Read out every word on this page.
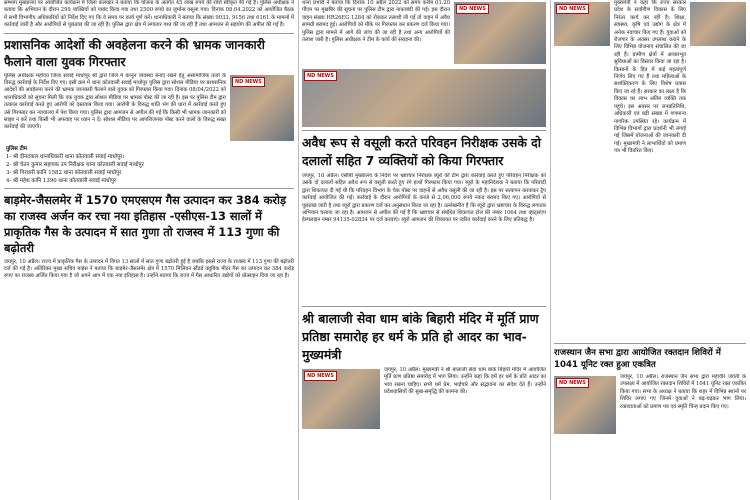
सम्भाग मुख्यालय पर आयोजित कार्यक्रम में जिला कलक्टर ने बताया कि योजना के अंतर्गत 45 लाख रुपये की राशि स्वीकृत की गई है। पुलिस अधीक्षक ने बताया कि अभियान के दौरान 299 व्यक्तियों को पाबंद किया गया तथा 2500 रुपये का जुर्माना वसूला गया। दिनांक 08.04.2022 को आयोजित बैठक में सभी विभागीय अधिकारियों को निर्देश दिए गए कि वे समय पर कार्य पूर्ण करें। थानाधिकारी ने बताया कि संख्या 9033, 9156 तथा 6161 के मामलों में कार्रवाई जारी है और आरोपियों से पूछताछ की जा रही है। पुलिस द्वारा क्षेत्र में लगातार गश्त की जा रही है तथा आमजन से सहयोग की अपील की गई है।

प्रशासनिक आदेशों की अवहेलना करने की भ्रामक जानकारी फैलाने वाला युवक गिरफ्तार
ND NEWS

पुलिस अधीक्षक महोदय जिला सवाई माधोपुर श्री द्वारा जिले में कानून व्यवस्था बनाए रखने हेतु असामाजिक तत्वों के विरुद्ध कार्रवाई के निर्देश दिए गए। इसी क्रम में थाना कोतवाली सवाई माधोपुर पुलिस द्वारा सोशल मीडिया पर प्रशासनिक आदेशों की अवहेलना करने की भ्रामक जानकारी फैलाने वाले युवक को गिरफ्तार किया गया। दिनांक 08/04/2022 को थानाधिकारी को सूचना मिली कि एक युवक द्वारा सोशल मीडिया पर भ्रामक पोस्ट की जा रही है। इस पर पुलिस टीम द्वारा तत्काल कार्रवाई करते हुए आरोपी को दस्तयाब किया गया। आरोपी के विरुद्ध शांति भंग की धारा में कार्रवाई करते हुए उसे गिरफ्तार कर न्यायालय में पेश किया गया। पुलिस द्वारा आमजन से अपील की गई कि किसी भी भ्रामक जानकारी को साझा न करें तथा किसी भी अफवाह पर ध्यान न दें। सोशल मीडिया पर आपत्तिजनक पोस्ट करने वालों के विरुद्ध सख्त कार्रवाई की जाएगी।

पुलिस टीम
1- श्री दीनदयाल थानाधिकारी थाना कोतवाली सवाई माधोपुर।
2- श्री चेतन कुमार सहायक उप निरीक्षक थाना कोतवाली सवाई माधोपुर
3- श्री गिरधारी कानि 1582 थाना कोतवाली सवाई माधोपुर
4- श्री महेश कानि 1390 थाना कोतवाली सवाई माधोपुर
बाड़मेर-जैसलमेर में 1570 एमएसएम गैस उत्पादन कर 384 करोड़ का राजस्व अर्जन कर रचा नया इतिहास -एसीएस-13 सालों में प्राकृतिक गैस के उत्पादन में सात गुणा तो राजस्व में 113 गुणा की बढ़ोतरी

जयपुर, 10 अप्रैल। राज्य में प्राकृतिक गैस के उत्पादन में विगत 13 सालों में सात गुणा बढ़ोतरी हुई है जबकि इससे राज्य के राजस्व में 113 गुणा की बढ़ोतरी दर्ज की गई है। अतिरिक्त मुख्य सचिव माइंस ने बताया कि बाड़मेर-जैसलमेर क्षेत्र में 1570 मिलियन स्टैंडर्ड क्यूबिक मीटर गैस का उत्पादन कर 384 करोड़ रुपए का राजस्व अर्जित किया गया है जो अपने आप में एक नया इतिहास है। उन्होंने बताया कि राज्य में गैस आधारित उद्योगों को प्रोत्साहन दिया जा रहा है।

ND NEWS

थाना प्रभारी ने बताया कि दिनांक 10 अप्रैल 2022 को समय करीब 01.20 पीएम पर मुखबिर की सूचना पर पुलिस टीम द्वारा नाकाबंदी की गई। इस दौरान वाहन संख्या HR26EG 1284 को रोककर तलाशी ली गई तो वाहन में अवैध सामग्री बरामद हुई। आरोपियों को मौके पर गिरफ्तार कर प्रकरण दर्ज किया गया। पुलिस द्वारा मामले में आगे की जांच की जा रही है तथा अन्य आरोपियों की तलाश जारी है। पुलिस अधीक्षक ने टीम के कार्य की सराहना की।

ND NEWS
अवैध रूप से वसूली करते परिवहन निरीक्षक उसके दो दलालों सहित 7 व्यक्तियों को किया गिरफ्तार

जयपुर, 10 अप्रैल। एसीबी मुख्यालय के निर्देश पर भ्रष्टाचार निरोधक ब्यूरो की टीम द्वारा कार्रवाई करते हुए परिवहन निरीक्षक को उसके दो दलालों सहित अवैध रूप से वसूली करते हुए रंगे हाथों गिरफ्तार किया गया। ब्यूरो के महानिदेशक ने बताया कि परिवादी द्वारा शिकायत दी गई थी कि परिवहन विभाग के चेक पोस्ट पर वाहनों से अवैध वसूली की जा रही है। इस पर सत्यापन करवाकर ट्रैप कार्रवाई आयोजित की गई। कार्रवाई के दौरान आरोपियों के कब्जे से 2,06,000 रुपये नकद बरामद किए गए। आरोपियों से पूछताछ जारी है तथा ब्यूरो द्वारा प्रकरण दर्ज कर अनुसंधान किया जा रहा है। उल्लेखनीय है कि ब्यूरो द्वारा भ्रष्टाचार के विरुद्ध लगातार अभियान चलाया जा रहा है। आमजन से अपील की गई है कि भ्रष्टाचार से संबंधित शिकायत टोल फ्री नम्बर 1064 तथा व्हाट्सएप हेल्पलाइन नम्बर 94135-02834 पर दर्ज करवाएं। ब्यूरो आमजन की शिकायत पर त्वरित कार्रवाई करने के लिए प्रतिबद्ध है।

श्री बालाजी सेवा धाम बांके बिहारी मंदिर में मूर्ति प्राण प्रतिष्ठा समारोह हर धर्म के प्रति हो आदर का भाव-मुख्यमंत्री
ND NEWS

जयपुर, 10 अप्रैल। मुख्यमंत्री ने श्री बालाजी सेवा धाम बांके बिहारी मंदिर में आयोजित मूर्ति प्राण प्रतिष्ठा समारोह में भाग लिया। उन्होंने कहा कि हमें हर धर्म के प्रति आदर का भाव रखना चाहिए। सभी धर्म प्रेम, भाईचारे और सद्भावना का संदेश देते हैं। उन्होंने प्रदेशवासियों की सुख-समृद्धि की कामना की।

ND NEWS

मुख्यमंत्री ने कहा कि राज्य सरकार प्रदेश के सर्वांगीण विकास के लिए निरंतर कार्य कर रही है। शिक्षा, स्वास्थ्य, कृषि एवं उद्योग के क्षेत्र में अनेक नवाचार किए गए हैं। युवाओं को रोजगार के अवसर उपलब्ध कराने के लिए विभिन्न योजनाएं संचालित की जा रही हैं। ग्रामीण क्षेत्रों में आधारभूत सुविधाओं का विस्तार किया जा रहा है। किसानों के हित में कई महत्वपूर्ण निर्णय लिए गए हैं तथा महिलाओं के सशक्तिकरण के लिए विशेष प्रयास किए जा रहे हैं। सरकार का लक्ष्य है कि विकास का लाभ अंतिम व्यक्ति तक पहुंचे। इस अवसर पर जनप्रतिनिधि, अधिकारी एवं बड़ी संख्या में गणमान्य नागरिक उपस्थित रहे। कार्यक्रम में विभिन्न विभागों द्वारा प्रदर्शनी भी लगाई गई जिसमें योजनाओं की जानकारी दी गई। मुख्यमंत्री ने लाभार्थियों को प्रमाण पत्र भी वितरित किए।

राजस्थान जैन सभा द्वारा आयोजित रक्तदान शिविरों में 1041 यूनिट रक्त हुआ एकत्रित
ND NEWS

जयपुर, 10 अप्रैल। राजस्थान जैन सभा द्वारा महावीर जयंती के उपलक्ष्य में आयोजित रक्तदान शिविरों में 1041 यूनिट रक्त एकत्रित किया गया। सभा के अध्यक्ष ने बताया कि शहर में विभिन्न स्थानों पर शिविर लगाए गए जिनमें युवाओं ने बढ़-चढ़कर भाग लिया। रक्तदाताओं को प्रमाण पत्र एवं स्मृति चिन्ह प्रदान किए गए।
